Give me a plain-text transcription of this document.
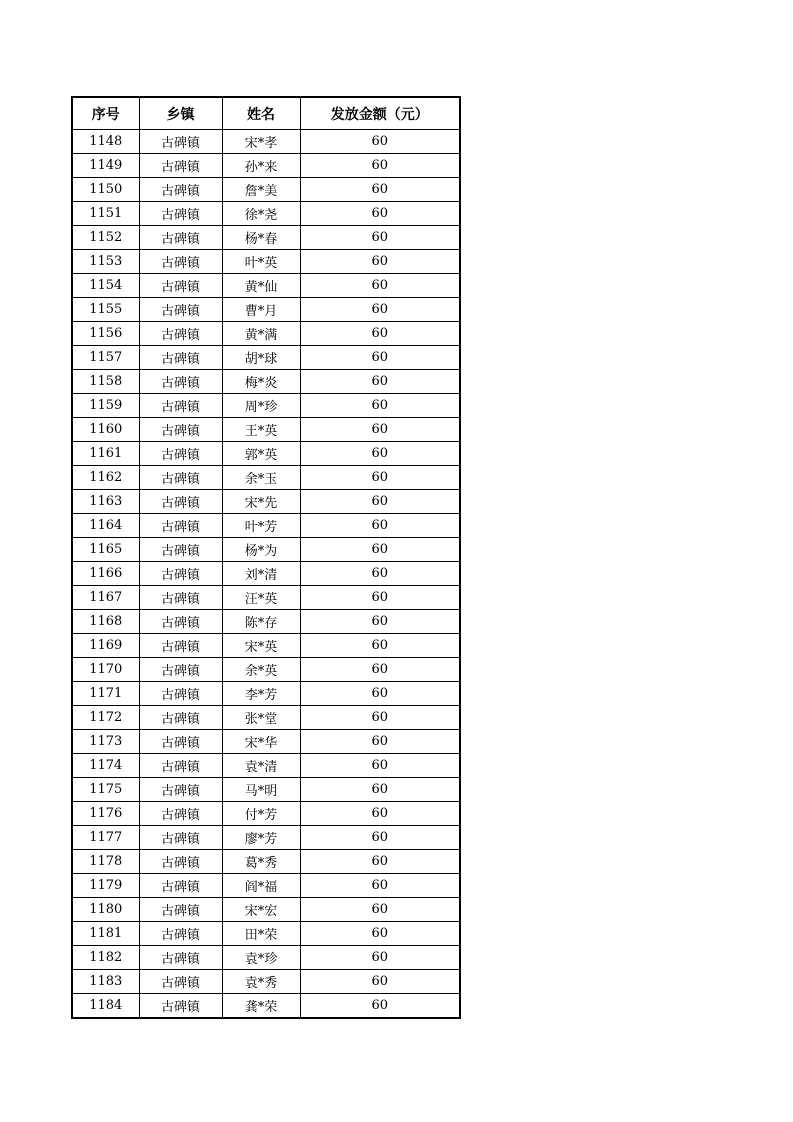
序号	乡镇	姓名	发放金额（元）
1148	古碑镇	宋*孝	60
1149	古碑镇	孙*来	60
1150	古碑镇	詹*美	60
1151	古碑镇	徐*尧	60
1152	古碑镇	杨*春	60
1153	古碑镇	叶*英	60
1154	古碑镇	黄*仙	60
1155	古碑镇	曹*月	60
1156	古碑镇	黄*满	60
1157	古碑镇	胡*球	60
1158	古碑镇	梅*炎	60
1159	古碑镇	周*珍	60
1160	古碑镇	王*英	60
1161	古碑镇	郭*英	60
1162	古碑镇	余*玉	60
1163	古碑镇	宋*先	60
1164	古碑镇	叶*芳	60
1165	古碑镇	杨*为	60
1166	古碑镇	刘*清	60
1167	古碑镇	汪*英	60
1168	古碑镇	陈*存	60
1169	古碑镇	宋*英	60
1170	古碑镇	余*英	60
1171	古碑镇	李*芳	60
1172	古碑镇	张*堂	60
1173	古碑镇	宋*华	60
1174	古碑镇	袁*清	60
1175	古碑镇	马*明	60
1176	古碑镇	付*芳	60
1177	古碑镇	廖*芳	60
1178	古碑镇	葛*秀	60
1179	古碑镇	阎*福	60
1180	古碑镇	宋*宏	60
1181	古碑镇	田*荣	60
1182	古碑镇	袁*珍	60
1183	古碑镇	袁*秀	60
1184	古碑镇	龚*荣	60
